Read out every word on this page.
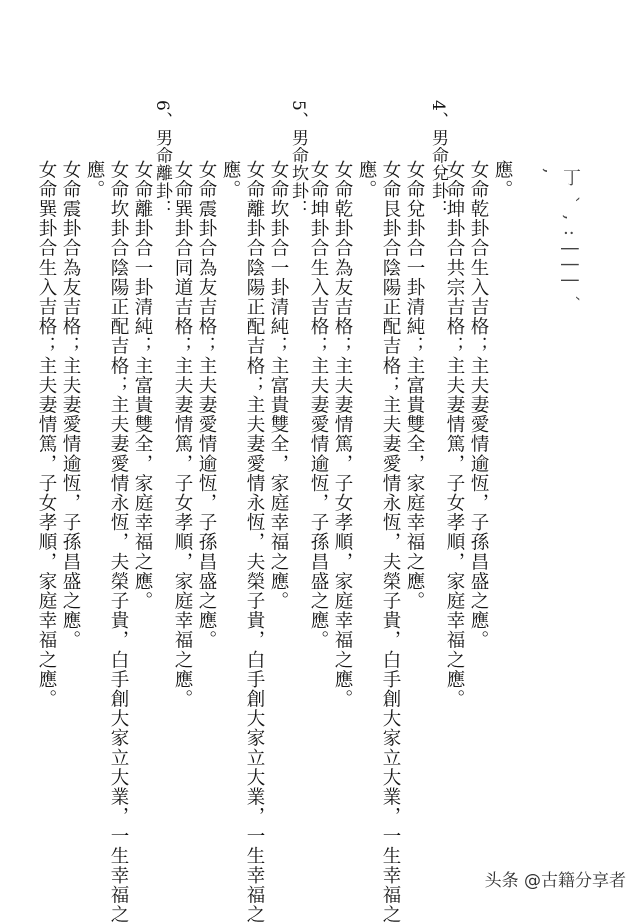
丁 ˋ , : | | | ˊ ,
應。
女命乾卦合生入吉格；主夫妻愛情逾恆，子孫昌盛之應。
女命坤卦合共宗吉格；主夫妻情篤，子女孝順，家庭幸福之應。
4、男命兌卦：
女命兌卦合一卦清純；主富貴雙全，家庭幸福之應。
女命艮卦合陰陽正配吉格；主夫妻愛情永恆，夫榮子貴，白手創大家立大業，一生幸福之
應。
女命乾卦合為友吉格；主夫妻情篤，子女孝順，家庭幸福之應。
女命坤卦合生入吉格；主夫妻愛情逾恆，子孫昌盛之應。
5、男命坎卦：
女命坎卦合一卦清純；主富貴雙全，家庭幸福之應。
女命離卦合陰陽正配吉格；主夫妻愛情永恆，夫榮子貴，白手創大家立大業，一生幸福之
應。
女命震卦合為友吉格；主夫妻愛情逾恆，子孫昌盛之應。
女命巽卦合同道吉格；主夫妻情篤，子女孝順，家庭幸福之應。
6、男命離卦：
女命離卦合一卦清純；主富貴雙全，家庭幸福之應。
女命坎卦合陰陽正配吉格；主夫妻愛情永恆，夫榮子貴，白手創大家立大業，一生幸福之
應。
女命震卦合為友吉格；主夫妻愛情逾恆，子孫昌盛之應。
女命巽卦合生入吉格；主夫妻情篤，子女孝順，家庭幸福之應。
头条 @古籍分享者
